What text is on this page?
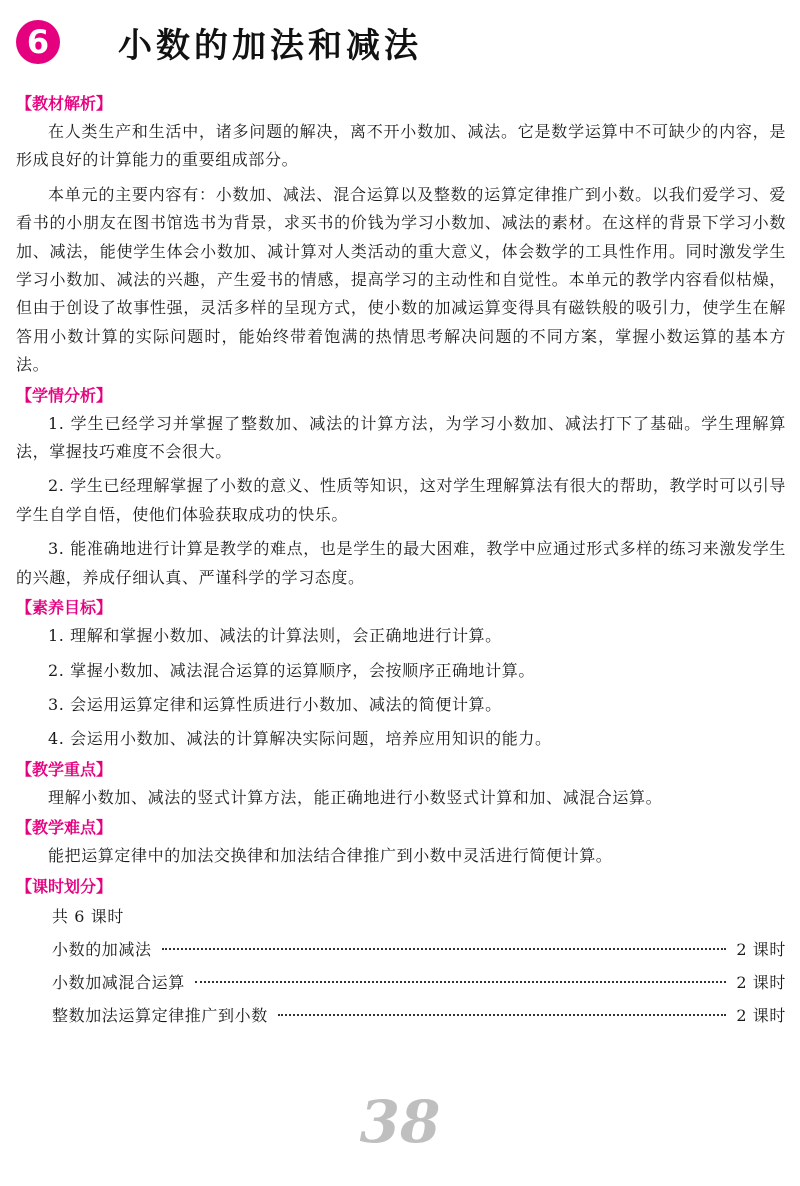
6	小数的加法和减法
【教材解析】

在人类生产和生活中，诸多问题的解决，离不开小数加、减法。它是数学运算中不可缺少的内容，是形成良好的计算能力的重要组成部分。

本单元的主要内容有：小数加、减法、混合运算以及整数的运算定律推广到小数。以我们爱学习、爱看书的小朋友在图书馆选书为背景，求买书的价钱为学习小数加、减法的素材。在这样的背景下学习小数加、减法，能使学生体会小数加、减计算对人类活动的重大意义，体会数学的工具性作用。同时激发学生学习小数加、减法的兴趣，产生爱书的情感，提高学习的主动性和自觉性。本单元的教学内容看似枯燥，但由于创设了故事性强，灵活多样的呈现方式，使小数的加减运算变得具有磁铁般的吸引力，使学生在解答用小数计算的实际问题时，能始终带着饱满的热情思考解决问题的不同方案，掌握小数运算的基本方法。

【学情分析】

1. 学生已经学习并掌握了整数加、减法的计算方法，为学习小数加、减法打下了基础。学生理解算法，掌握技巧难度不会很大。

2. 学生已经理解掌握了小数的意义、性质等知识，这对学生理解算法有很大的帮助，教学时可以引导学生自学自悟，使他们体验获取成功的快乐。

3. 能准确地进行计算是教学的难点，也是学生的最大困难，教学中应通过形式多样的练习来激发学生的兴趣，养成仔细认真、严谨科学的学习态度。

【素养目标】

1. 理解和掌握小数加、减法的计算法则，会正确地进行计算。

2. 掌握小数加、减法混合运算的运算顺序，会按顺序正确地计算。

3. 会运用运算定律和运算性质进行小数加、减法的简便计算。

4. 会运用小数加、减法的计算解决实际问题，培养应用知识的能力。

【教学重点】

理解小数加、减法的竖式计算方法，能正确地进行小数竖式计算和加、减混合运算。

【教学难点】

能把运算定律中的加法交换律和加法结合律推广到小数中灵活进行简便计算。

【课时划分】
共 6 课时
小数的加减法	2 课时
小数加减混合运算	2 课时
整数加法运算定律推广到小数	2 课时
38
